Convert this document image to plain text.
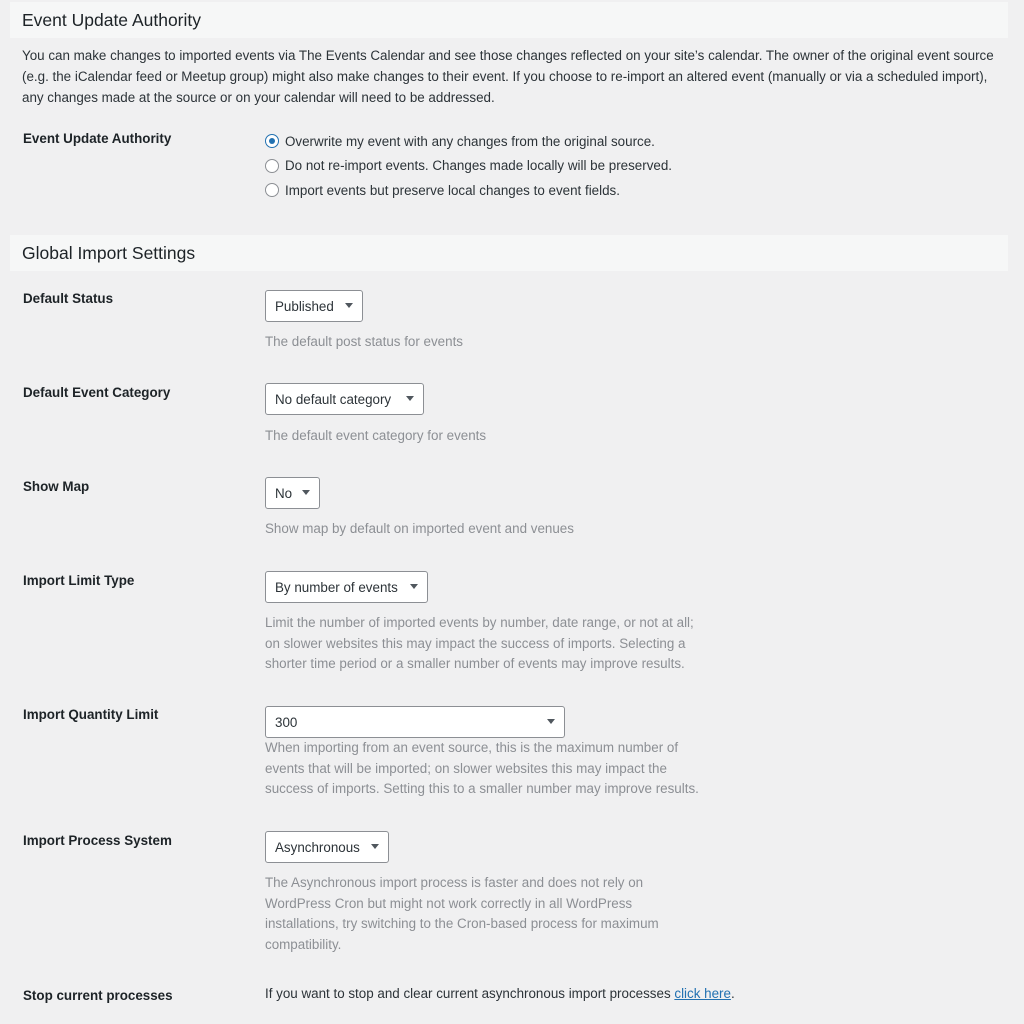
Event Update Authority
You can make changes to imported events via The Events Calendar and see those changes reflected on your site’s calendar. The owner of the original event source (e.g. the iCalendar feed or Meetup group) might also make changes to their event. If you choose to re-import an altered event (manually or via a scheduled import), any changes made at the source or on your calendar will need to be addressed.
Event Update Authority	Overwrite my event with any changes from the original source.
Do not re-import events. Changes made locally will be preserved.
Import events but preserve local changes to event fields.
Global Import Settings
Default Status	Published
The default post status for events
Default Event Category	No default category
The default event category for events
Show Map	No
Show map by default on imported event and venues
Import Limit Type	By number of events
Limit the number of imported events by number, date range, or not at all;
on slower websites this may impact the success of imports. Selecting a
shorter time period or a smaller number of events may improve results.
Import Quantity Limit	300
When importing from an event source, this is the maximum number of
events that will be imported; on slower websites this may impact the
success of imports. Setting this to a smaller number may improve results.
Import Process System	Asynchronous
The Asynchronous import process is faster and does not rely on
WordPress Cron but might not work correctly in all WordPress
installations, try switching to the Cron-based process for maximum
compatibility.
Stop current processes	If you want to stop and clear current asynchronous import processes click here.
